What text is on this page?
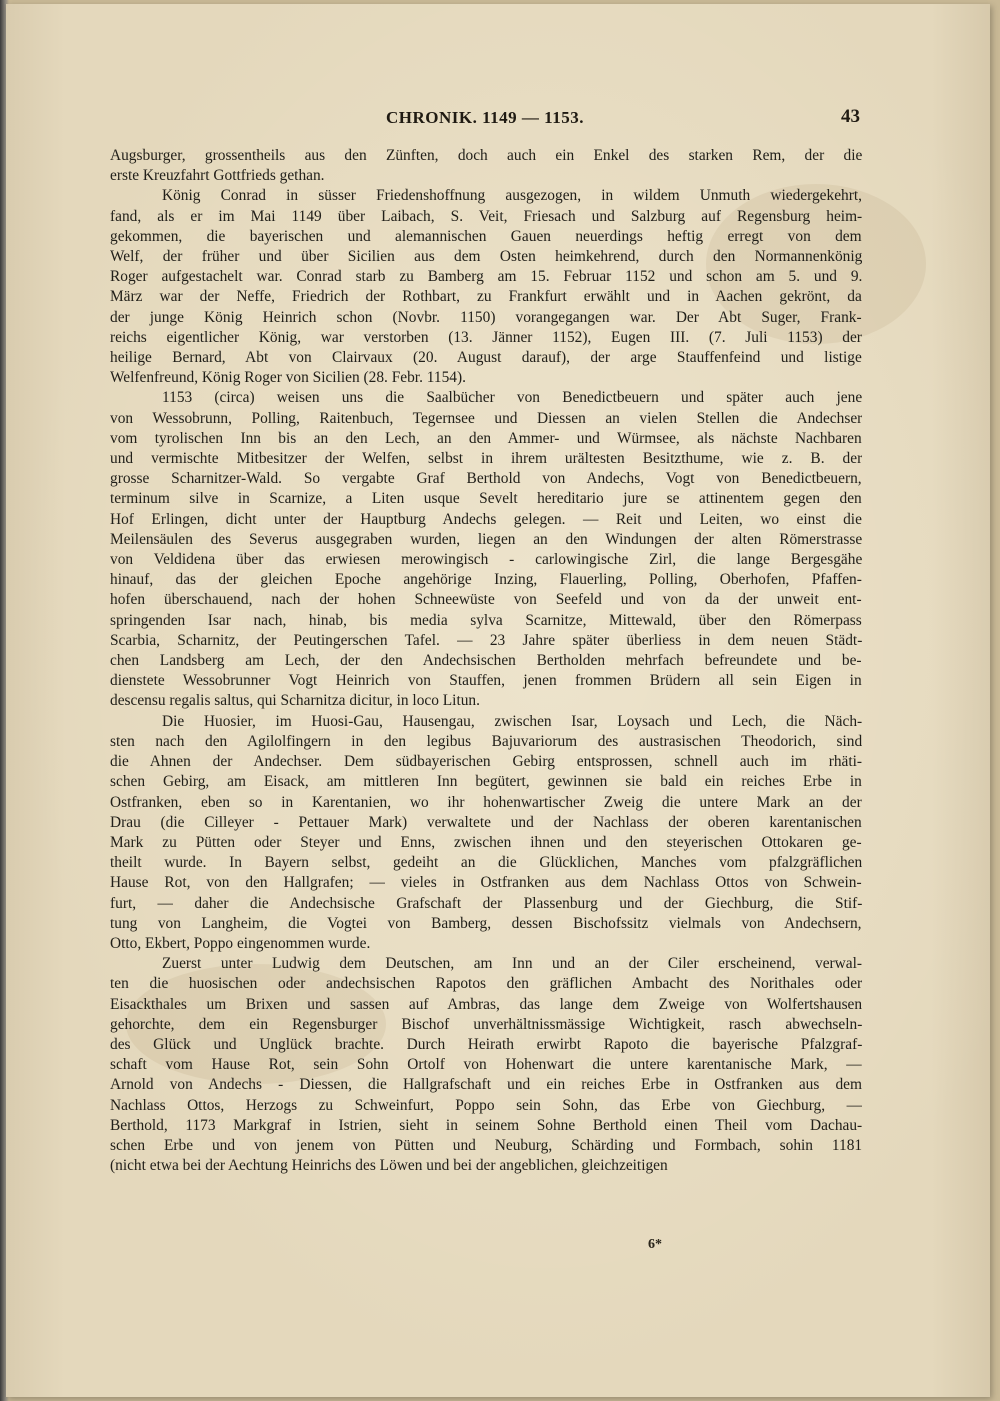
CHRONIK. 1149 — 1153.	43
Augsburger, grossentheils aus den Zünften, doch auch ein Enkel des starken Rem, der die
erste Kreuzfahrt Gottfrieds gethan.
König Conrad in süsser Friedenshoffnung ausgezogen, in wildem Unmuth wiedergekehrt,
fand, als er im Mai 1149 über Laibach, S. Veit, Friesach und Salzburg auf Regensburg heim-
gekommen, die bayerischen und alemannischen Gauen neuerdings heftig erregt von dem
Welf, der früher und über Sicilien aus dem Osten heimkehrend, durch den Normannenkönig
Roger aufgestachelt war. Conrad starb zu Bamberg am 15. Februar 1152 und schon am 5. und 9.
März war der Neffe, Friedrich der Rothbart, zu Frankfurt erwählt und in Aachen gekrönt, da
der junge König Heinrich schon (Novbr. 1150) vorangegangen war. Der Abt Suger, Frank-
reichs eigentlicher König, war verstorben (13. Jänner 1152), Eugen III. (7. Juli 1153) der
heilige Bernard, Abt von Clairvaux (20. August darauf), der arge Stauffenfeind und listige
Welfenfreund, König Roger von Sicilien (28. Febr. 1154).
1153 (circa) weisen uns die Saalbücher von Benedictbeuern und später auch jene
von Wessobrunn, Polling, Raitenbuch, Tegernsee und Diessen an vielen Stellen die Andechser
vom tyrolischen Inn bis an den Lech, an den Ammer- und Würmsee, als nächste Nachbaren
und vermischte Mitbesitzer der Welfen, selbst in ihrem urältesten Besitzthume, wie z. B. der
grosse Scharnitzer-Wald. So vergabte Graf Berthold von Andechs, Vogt von Benedictbeuern,
terminum silve in Scarnize, a Liten usque Sevelt hereditario jure se attinentem gegen den
Hof Erlingen, dicht unter der Hauptburg Andechs gelegen. — Reit und Leiten, wo einst die
Meilensäulen des Severus ausgegraben wurden, liegen an den Windungen der alten Römerstrasse
von Veldidena über das erwiesen merowingisch - carlowingische Zirl, die lange Bergesgähe
hinauf, das der gleichen Epoche angehörige Inzing, Flauerling, Polling, Oberhofen, Pfaffen-
hofen überschauend, nach der hohen Schneewüste von Seefeld und von da der unweit ent-
springenden Isar nach, hinab, bis media sylva Scarnitze, Mittewald, über den Römerpass
Scarbia, Scharnitz, der Peutingerschen Tafel. — 23 Jahre später überliess in dem neuen Städt-
chen Landsberg am Lech, der den Andechsischen Bertholden mehrfach befreundete und be-
dienstete Wessobrunner Vogt Heinrich von Stauffen, jenen frommen Brüdern all sein Eigen in
descensu regalis saltus, qui Scharnitza dicitur, in loco Litun.
Die Huosier, im Huosi-Gau, Hausengau, zwischen Isar, Loysach und Lech, die Näch-
sten nach den Agilolfingern in den legibus Bajuvariorum des austrasischen Theodorich, sind
die Ahnen der Andechser. Dem südbayerischen Gebirg entsprossen, schnell auch im rhäti-
schen Gebirg, am Eisack, am mittleren Inn begütert, gewinnen sie bald ein reiches Erbe in
Ostfranken, eben so in Karentanien, wo ihr hohenwartischer Zweig die untere Mark an der
Drau (die Cilleyer - Pettauer Mark) verwaltete und der Nachlass der oberen karentanischen
Mark zu Pütten oder Steyer und Enns, zwischen ihnen und den steyerischen Ottokaren ge-
theilt wurde. In Bayern selbst, gedeiht an die Glücklichen, Manches vom pfalzgräflichen
Hause Rot, von den Hallgrafen; — vieles in Ostfranken aus dem Nachlass Ottos von Schwein-
furt, — daher die Andechsische Grafschaft der Plassenburg und der Giechburg, die Stif-
tung von Langheim, die Vogtei von Bamberg, dessen Bischofssitz vielmals von Andechsern,
Otto, Ekbert, Poppo eingenommen wurde.
Zuerst unter Ludwig dem Deutschen, am Inn und an der Ciler erscheinend, verwal-
ten die huosischen oder andechsischen Rapotos den gräflichen Ambacht des Norithales oder
Eisackthales um Brixen und sassen auf Ambras, das lange dem Zweige von Wolfertshausen
gehorchte, dem ein Regensburger Bischof unverhältnissmässige Wichtigkeit, rasch abwechseln-
des Glück und Unglück brachte. Durch Heirath erwirbt Rapoto die bayerische Pfalzgraf-
schaft vom Hause Rot, sein Sohn Ortolf von Hohenwart die untere karentanische Mark, —
Arnold von Andechs - Diessen, die Hallgrafschaft und ein reiches Erbe in Ostfranken aus dem
Nachlass Ottos, Herzogs zu Schweinfurt, Poppo sein Sohn, das Erbe von Giechburg, —
Berthold, 1173 Markgraf in Istrien, sieht in seinem Sohne Berthold einen Theil vom Dachau-
schen Erbe und von jenem von Pütten und Neuburg, Schärding und Formbach, sohin 1181
(nicht etwa bei der Aechtung Heinrichs des Löwen und bei der angeblichen, gleichzeitigen
6*
